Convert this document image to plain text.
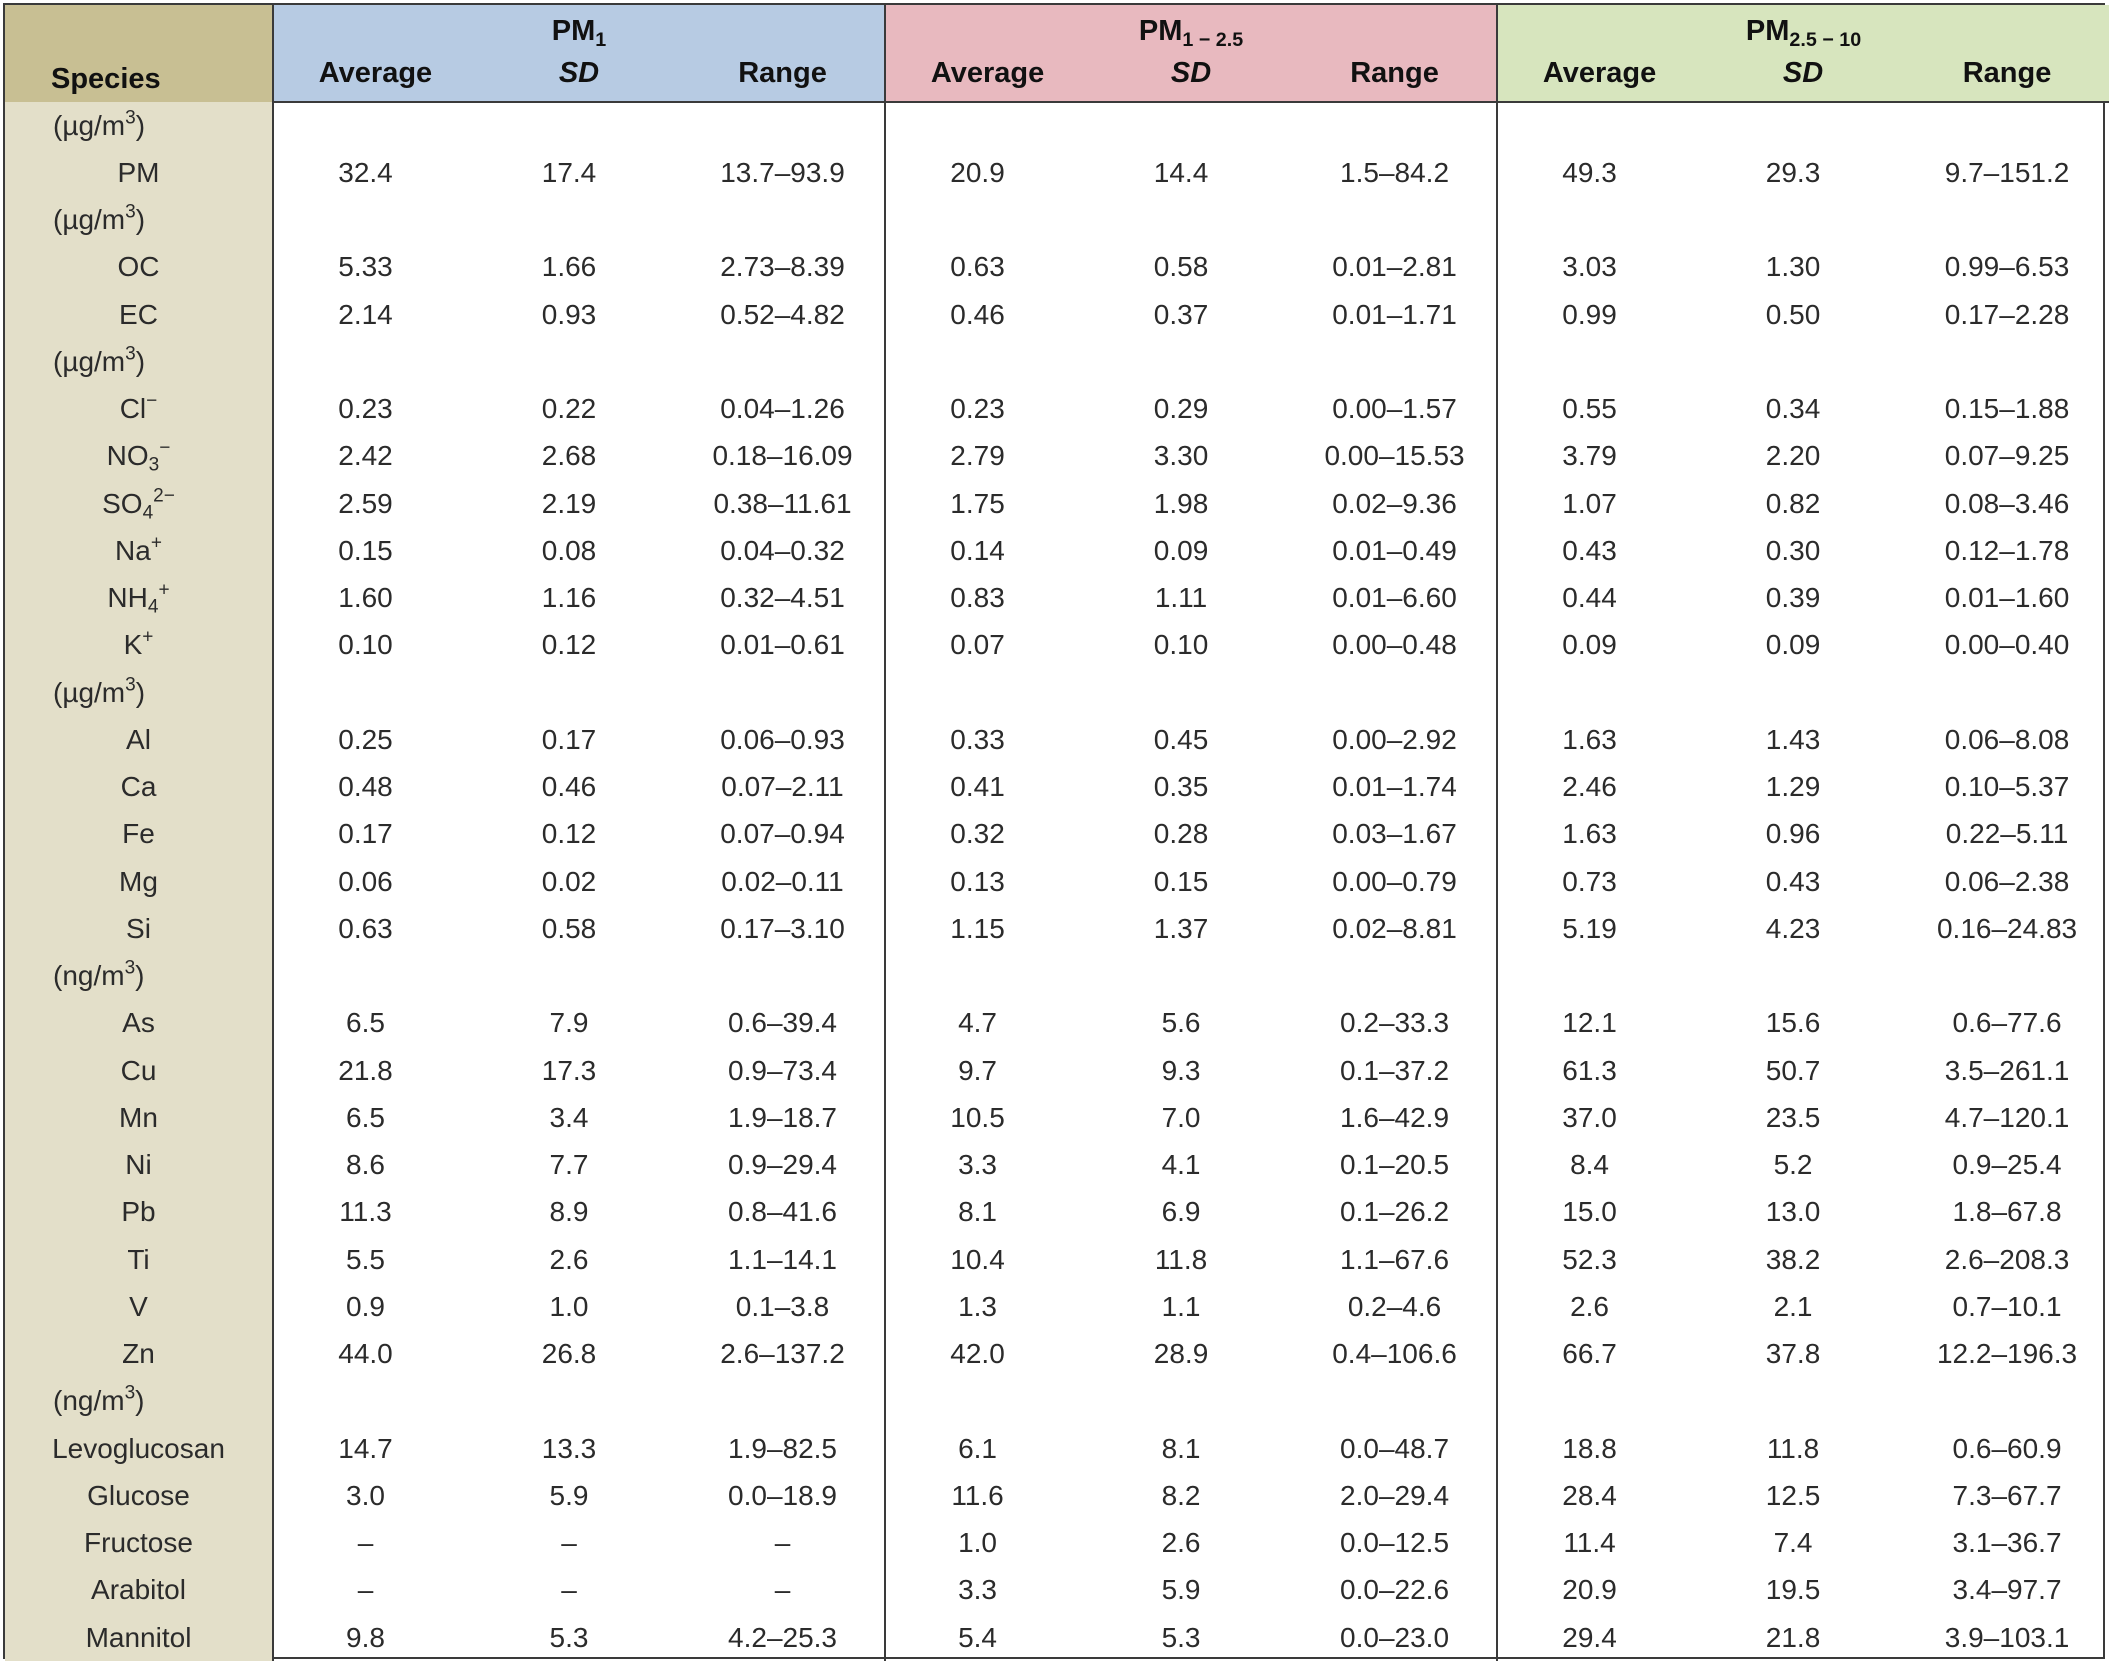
Species	$PM_1$			$PM_{1 - 2.5}$			$PM_{2.5 - 10}$
	Average	SD	Range	Average	SD	Range	Average	SD	Range
$(\mu g/m^3)$									
PM	32.4	17.4	13.7–93.9	20.9	14.4	1.5–84.2	49.3	29.3	9.7–151.2
$(\mu g/m^3)$									
OC	5.33	1.66	2.73–8.39	0.63	0.58	0.01–2.81	3.03	1.30	0.99–6.53
EC	2.14	0.93	0.52–4.82	0.46	0.37	0.01–1.71	0.99	0.50	0.17–2.28
$(\mu g/m^3)$									
Cl−	0.23	0.22	0.04–1.26	0.23	0.29	0.00–1.57	0.55	0.34	0.15–1.88
$NO_3^-$	2.42	2.68	0.18–16.09	2.79	3.30	0.00–15.53	3.79	2.20	0.07–9.25
$SO_4^{2-}$	2.59	2.19	0.38–11.61	1.75	1.98	0.02–9.36	1.07	0.82	0.08–3.46
Na+	0.15	0.08	0.04–0.32	0.14	0.09	0.01–0.49	0.43	0.30	0.12–1.78
$NH_4^+$	1.60	1.16	0.32–4.51	0.83	1.11	0.01–6.60	0.44	0.39	0.01–1.60
K+	0.10	0.12	0.01–0.61	0.07	0.10	0.00–0.48	0.09	0.09	0.00–0.40
$(\mu g/m^3)$									
Al	0.25	0.17	0.06–0.93	0.33	0.45	0.00–2.92	1.63	1.43	0.06–8.08
Ca	0.48	0.46	0.07–2.11	0.41	0.35	0.01–1.74	2.46	1.29	0.10–5.37
Fe	0.17	0.12	0.07–0.94	0.32	0.28	0.03–1.67	1.63	0.96	0.22–5.11
Mg	0.06	0.02	0.02–0.11	0.13	0.15	0.00–0.79	0.73	0.43	0.06–2.38
Si	0.63	0.58	0.17–3.10	1.15	1.37	0.02–8.81	5.19	4.23	0.16–24.83
$(ng/m^3)$									
As	6.5	7.9	0.6–39.4	4.7	5.6	0.2–33.3	12.1	15.6	0.6–77.6
Cu	21.8	17.3	0.9–73.4	9.7	9.3	0.1–37.2	61.3	50.7	3.5–261.1
Mn	6.5	3.4	1.9–18.7	10.5	7.0	1.6–42.9	37.0	23.5	4.7–120.1
Ni	8.6	7.7	0.9–29.4	3.3	4.1	0.1–20.5	8.4	5.2	0.9–25.4
Pb	11.3	8.9	0.8–41.6	8.1	6.9	0.1–26.2	15.0	13.0	1.8–67.8
Ti	5.5	2.6	1.1–14.1	10.4	11.8	1.1–67.6	52.3	38.2	2.6–208.3
V	0.9	1.0	0.1–3.8	1.3	1.1	0.2–4.6	2.6	2.1	0.7–10.1
Zn	44.0	26.8	2.6–137.2	42.0	28.9	0.4–106.6	66.7	37.8	12.2–196.3
$(ng/m^3)$									
Levoglucosan	14.7	13.3	1.9–82.5	6.1	8.1	0.0–48.7	18.8	11.8	0.6–60.9
Glucose	3.0	5.9	0.0–18.9	11.6	8.2	2.0–29.4	28.4	12.5	7.3–67.7
Fructose	–	–	–	1.0	2.6	0.0–12.5	11.4	7.4	3.1–36.7
Arabitol	–	–	–	3.3	5.9	0.0–22.6	20.9	19.5	3.4–97.7
Mannitol	9.8	5.3	4.2–25.3	5.4	5.3	0.0–23.0	29.4	21.8	3.9–103.1
